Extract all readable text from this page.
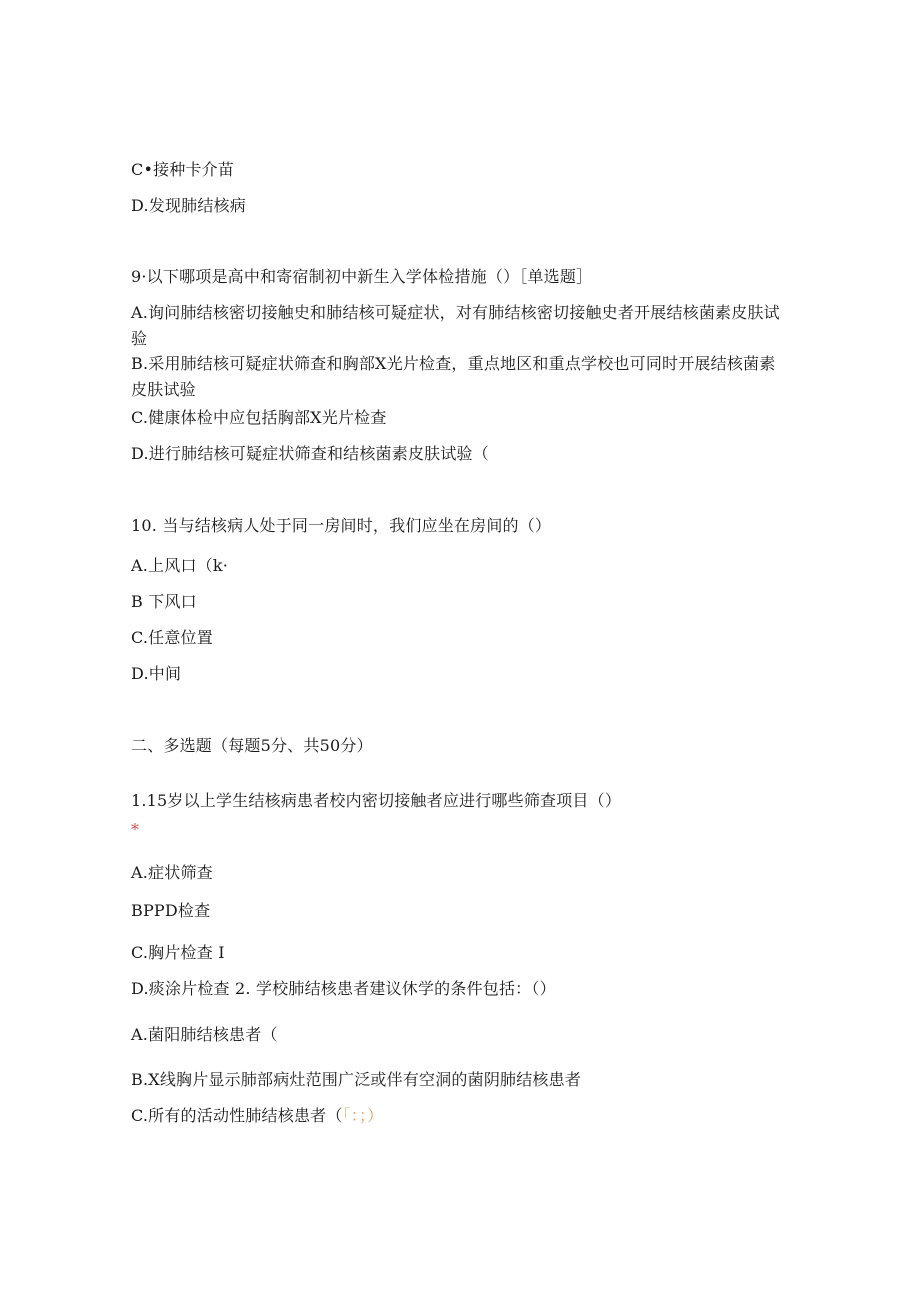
C•接种卡介苗
D.发现肺结核病
9·以下哪项是高中和寄宿制初中新生入学体检措施（）［单选题］
A.询问肺结核密切接触史和肺结核可疑症状，对有肺结核密切接触史者开展结核菌素皮肤试验
B.采用肺结核可疑症状筛查和胸部X光片检查，重点地区和重点学校也可同时开展结核菌素皮肤试验
C.健康体检中应包括胸部X光片检查
D.进行肺结核可疑症状筛查和结核菌素皮肤试验（
10. 当与结核病人处于同一房间时，我们应坐在房间的（）
A.上风口（k·
B 下风口
C.任意位置
D.中间
二、多选题（每题5分、共50分）
1.15岁以上学生结核病患者校内密切接触者应进行哪些筛查项目（）
*
A.症状筛查
BPPD检查
C.胸片检查 I
D.痰涂片检查 2. 学校肺结核患者建议休学的条件包括：（）
A.菌阳肺结核患者（
B.X线胸片显示肺部病灶范围广泛或伴有空洞的菌阴肺结核患者
C.所有的活动性肺结核患者（「：；）
